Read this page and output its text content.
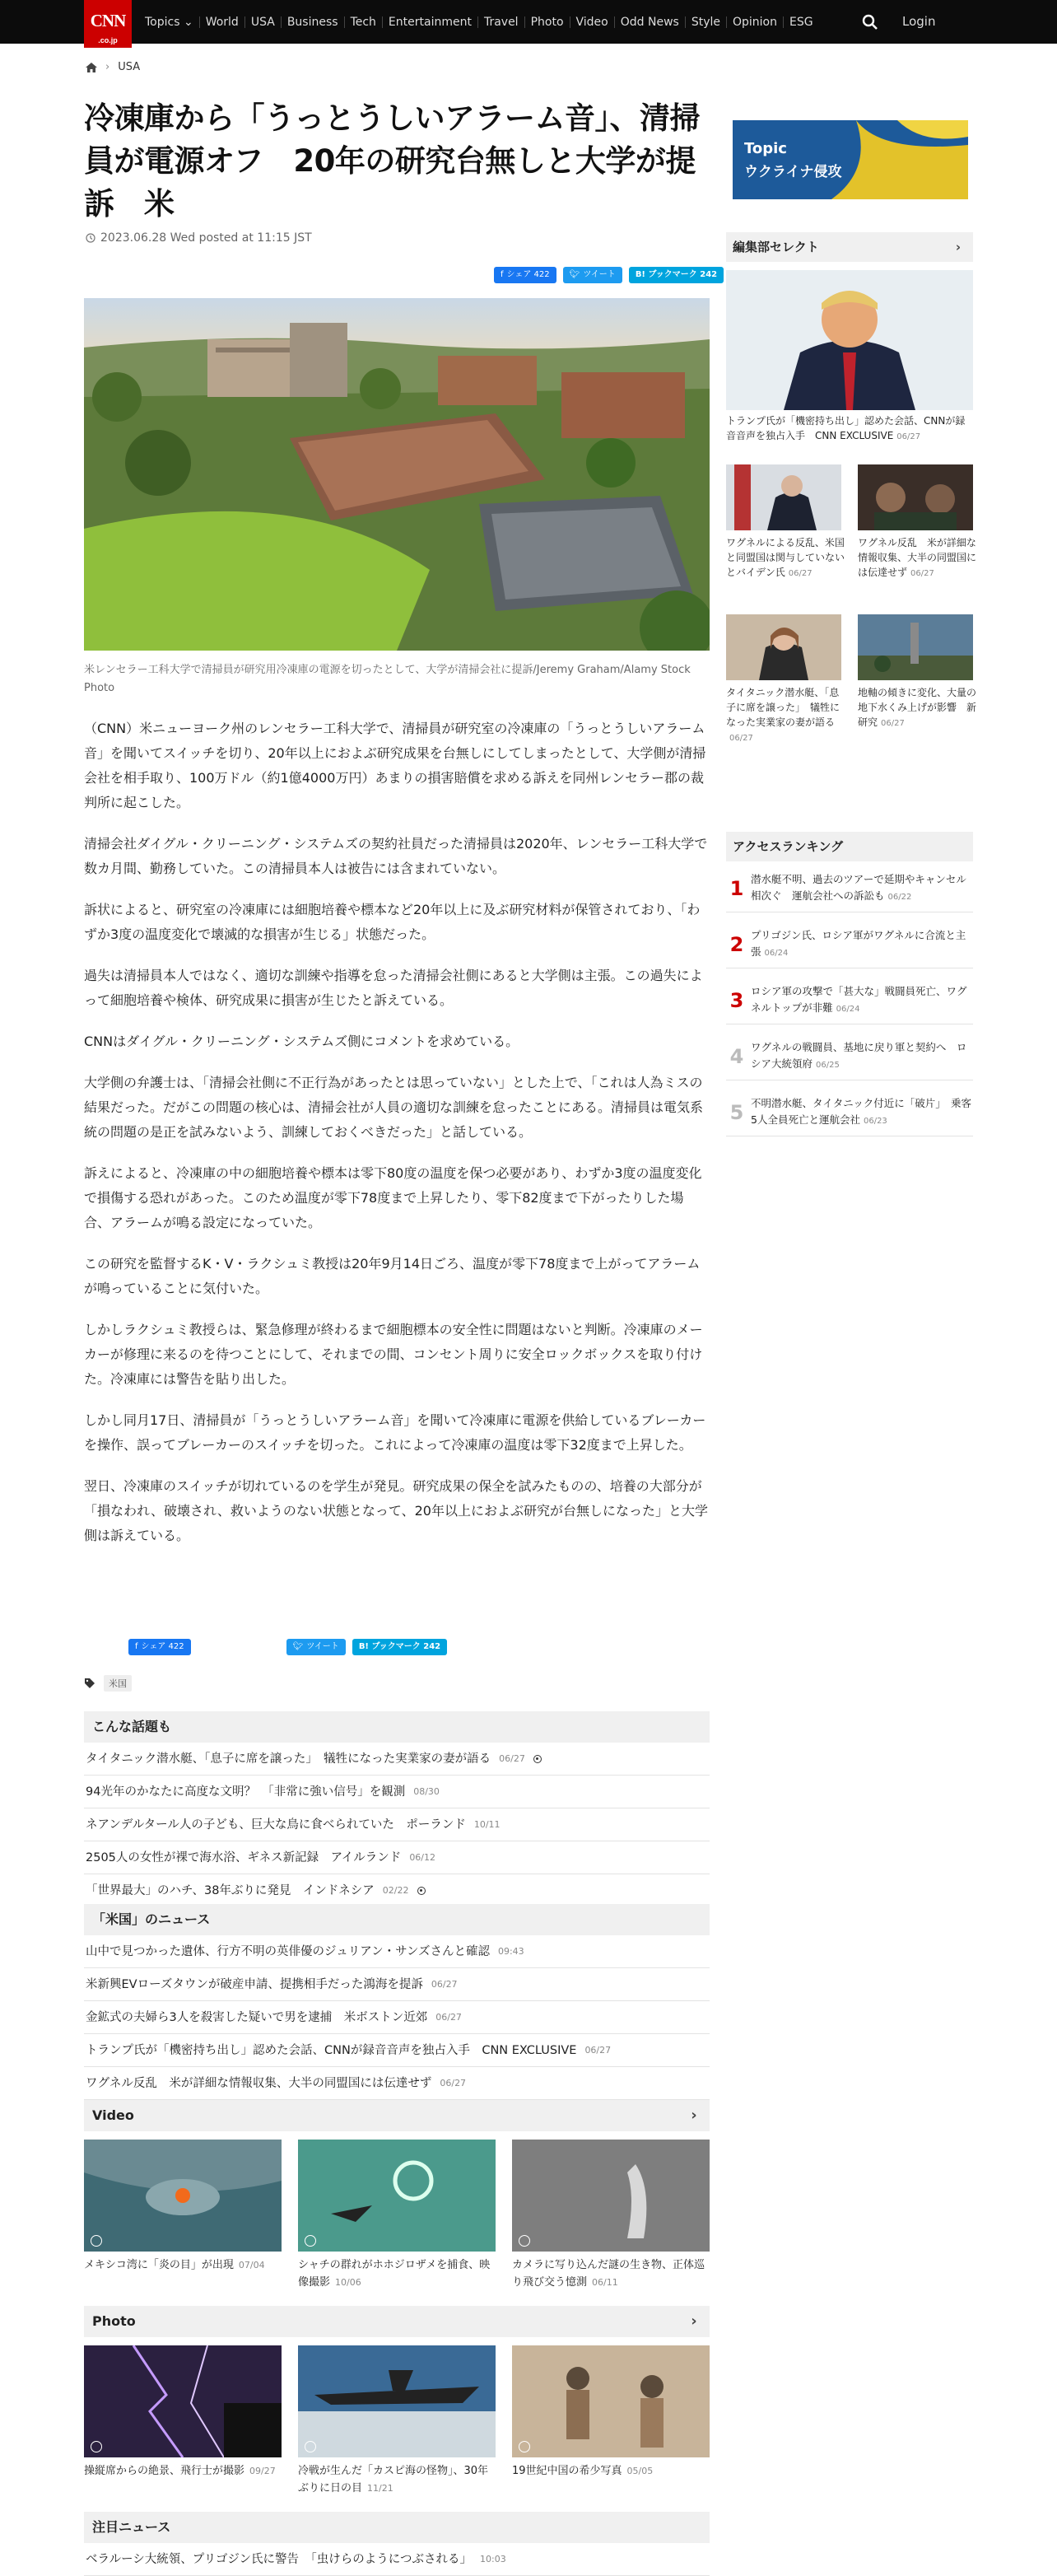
CNN
.co.jp
Topics ⌄	World	USA	Business	Tech	Entertainment	Travel	Photo	Video	Odd News	Style	Opinion	ESG	Login
› USA
冷凍庫から「うっとうしいアラーム音」、清掃員が電源オフ　20年の研究台無しと大学が提訴　米
2023.06.28 Wed posted at 11:15 JST
f シェア 422 🐦︎ ツイート B! ブックマーク 242
米レンセラー工科大学で清掃員が研究用冷凍庫の電源を切ったとして、大学が清掃会社に提訴/Jeremy Graham/Alamy Stock Photo

（CNN）米ニューヨーク州のレンセラー工科大学で、清掃員が研究室の冷凍庫の「うっとうしいアラーム音」を聞いてスイッチを切り、20年以上におよぶ研究成果を台無しにしてしまったとして、大学側が清掃会社を相手取り、100万ドル（約1億4000万円）あまりの損害賠償を求める訴えを同州レンセラー郡の裁判所に起こした。

清掃会社ダイグル・クリーニング・システムズの契約社員だった清掃員は2020年、レンセラー工科大学で数カ月間、勤務していた。この清掃員本人は被告には含まれていない。

訴状によると、研究室の冷凍庫には細胞培養や標本など20年以上に及ぶ研究材料が保管されており、「わずか3度の温度変化で壊滅的な損害が生じる」状態だった。

過失は清掃員本人ではなく、適切な訓練や指導を怠った清掃会社側にあると大学側は主張。この過失によって細胞培養や検体、研究成果に損害が生じたと訴えている。

CNNはダイグル・クリーニング・システムズ側にコメントを求めている。

大学側の弁護士は、「清掃会社側に不正行為があったとは思っていない」とした上で、「これは人為ミスの結果だった。だがこの問題の核心は、清掃会社が人員の適切な訓練を怠ったことにある。清掃員は電気系統の問題の是正を試みないよう、訓練しておくべきだった」と話している。

訴えによると、冷凍庫の中の細胞培養や標本は零下80度の温度を保つ必要があり、わずか3度の温度変化で損傷する恐れがあった。このため温度が零下78度まで上昇したり、零下82度まで下がったりした場合、アラームが鳴る設定になっていた。

この研究を監督するK・V・ラクシュミ教授は20年9月14日ごろ、温度が零下78度まで上がってアラームが鳴っていることに気付いた。

しかしラクシュミ教授らは、緊急修理が終わるまで細胞標本の安全性に問題はないと判断。冷凍庫のメーカーが修理に来るのを待つことにして、それまでの間、コンセント周りに安全ロックボックスを取り付けた。冷凍庫には警告を貼り出した。

しかし同月17日、清掃員が「うっとうしいアラーム音」を聞いて冷凍庫に電源を供給しているブレーカーを操作、誤ってブレーカーのスイッチを切った。これによって冷凍庫の温度は零下32度まで上昇した。

翌日、冷凍庫のスイッチが切れているのを学生が発見。研究成果の保全を試みたものの、培養の大部分が「損なわれ、破壊され、救いようのない状態となって、20年以上におよぶ研究が台無しになった」と大学側は訴えている。

f シェア 422	🐦︎ ツイート B! ブックマーク 242
米国
こんな話題も
タイタニック潜水艇、「息子に席を譲った」　犠牲になった実業家の妻が語る 06/27
94光年のかなたに高度な文明？　「非常に強い信号」を観測 08/30
ネアンデルタール人の子ども、巨大な鳥に食べられていた　ポーランド 10/11
2505人の女性が裸で海水浴、ギネス新記録　アイルランド 06/12
「世界最大」のハチ、38年ぶりに発見　インドネシア 02/22
「米国」のニュース
山中で見つかった遺体、行方不明の英俳優のジュリアン・サンズさんと確認 09:43
米新興EVローズタウンが破産申請、提携相手だった鴻海を提訴 06/27
金鉱式の夫婦ら3人を殺害した疑いで男を逮捕　米ボストン近郊 06/27
トランプ氏が「機密持ち出し」認めた会話、CNNが録音音声を独占入手　CNN EXCLUSIVE 06/27
ワグネル反乱　米が詳細な情報収集、大半の同盟国には伝達せず 06/27
Video	›
メキシコ湾に「炎の目」が出現 07/04	シャチの群れがホホジロザメを捕食、映像撮影 10/06
カメラに写り込んだ謎の生き物、正体巡り飛び交う憶測 06/11
Photo	›
操縦席からの絶景、飛行士が撮影 09/27	冷戦が生んだ「カスピ海の怪物」、30年ぶりに日の目 11/21
19世紀中国の希少写真 05/05
注目ニュース
ベラルーシ大統領、プリゴジン氏に警告　「虫けらのようにつぶされる」 10:03
Topic
ウクライナ侵攻
編集部セレクト	›
トランプ氏が「機密持ち出し」認めた会話、CNNが録音音声を独占入手　CNN EXCLUSIVE 06/27
ワグネルによる反乱、米国と同盟国は関与していないとバイデン氏 06/27
ワグネル反乱　米が詳細な情報収集、大半の同盟国には伝達せず 06/27
タイタニック潜水艇、「息子に席を譲った」　犠牲になった実業家の妻が語る06/27
地軸の傾きに変化、大量の地下水くみ上げが影響　新研究 06/27
アクセスランキング
1 潜水艇不明、過去のツアーで延期やキャンセル相次ぐ　運航会社への訴訟も 06/22
2 プリゴジン氏、ロシア軍がワグネルに合流と主張 06/24
3 ロシア軍の攻撃で「甚大な」戦闘員死亡、ワグネルトップが非難 06/24
4 ワグネルの戦闘員、基地に戻り軍と契約へ　ロシア大統領府 06/25
5 不明潜水艇、タイタニック付近に「破片」　乗客5人全員死亡と運航会社 06/23
